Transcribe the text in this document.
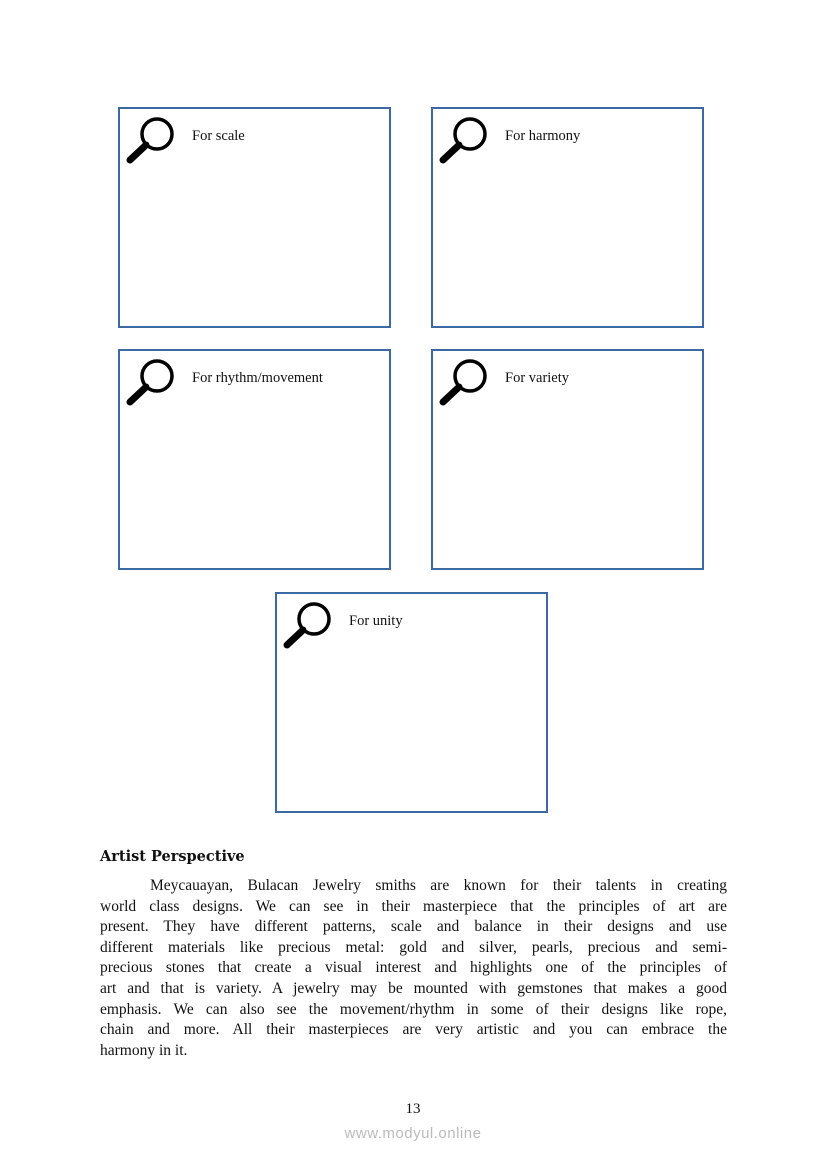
For scale	For harmony
For rhythm/movement	For variety
For unity
Artist Perspective
Meycauayan, Bulacan Jewelry smiths are known for their talents in creating
world class designs. We can see in their masterpiece that the principles of art are
present. They have different patterns, scale and balance in their designs and use
different materials like precious metal: gold and silver, pearls, precious and semi-
precious stones that create a visual interest and highlights one of the principles of
art and that is variety. A jewelry may be mounted with gemstones that makes a good
emphasis. We can also see the movement/rhythm in some of their designs like rope,
chain and more. All their masterpieces are very artistic and you can embrace the
harmony in it.
13
www.modyul.online
